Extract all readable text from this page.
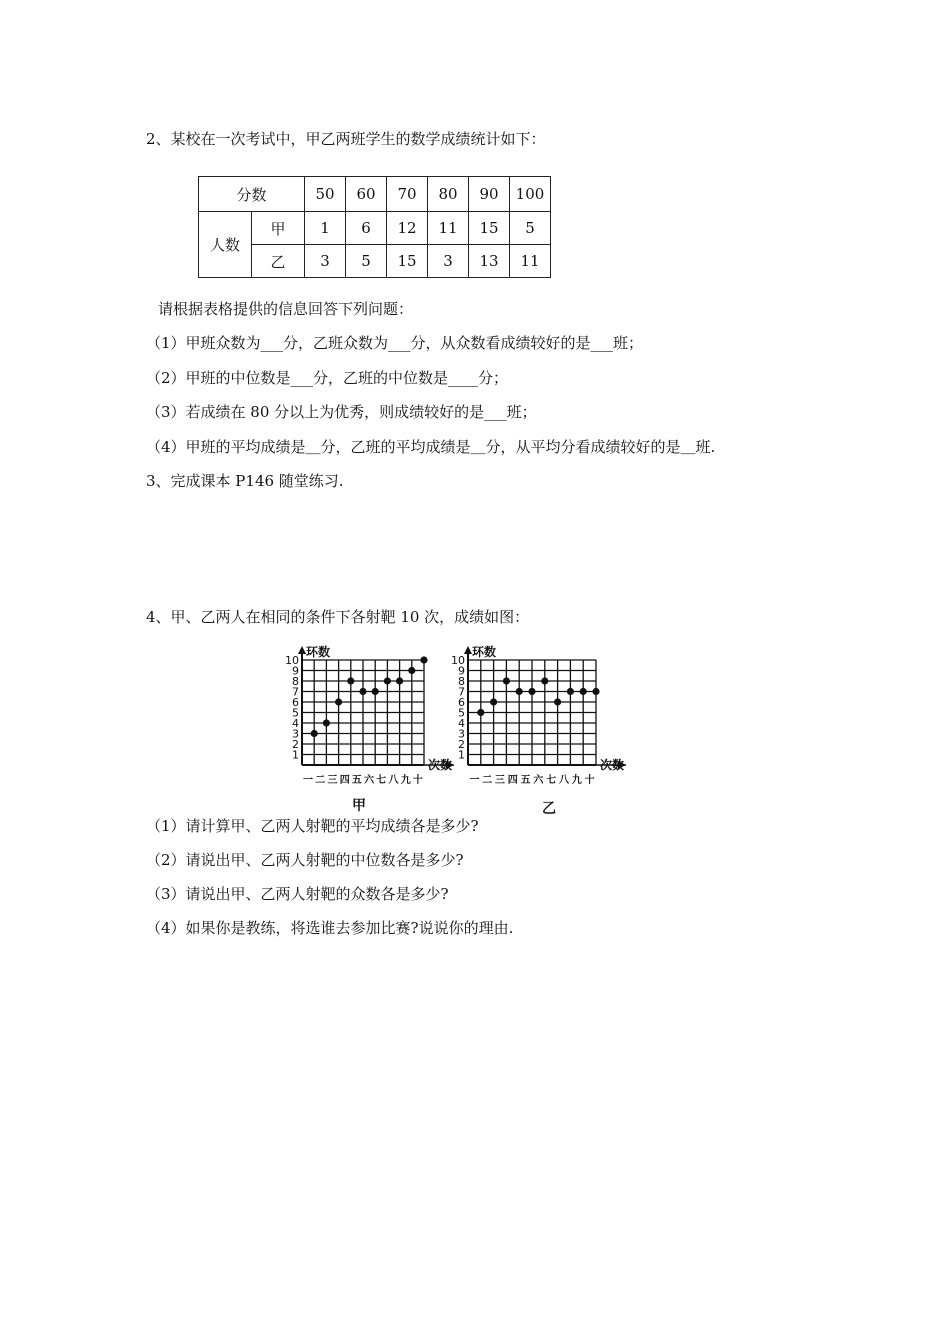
2、某校在一次考试中，甲乙两班学生的数学成绩统计如下：
分数		50	60	70	80	90	100
人数	甲	1	6	12	11	15	5
	乙	3	5	15	3	13	11
请根据表格提供的信息回答下列问题：
（1）甲班众数为___分，乙班众数为___分，从众数看成绩较好的是___班；
（2）甲班的中位数是___分，乙班的中位数是____分；
（3）若成绩在 80 分以上为优秀，则成绩较好的是___班；
（4）甲班的平均成绩是＿分，乙班的平均成绩是＿分，从平均分看成绩较好的是＿班.
3、完成课本 P146 随堂练习.
4、甲、乙两人在相同的条件下各射靶 10 次，成绩如图：
环数
次数
1
2
3
4
5
6
7
8
9
10
一 二 三 四 五 六 七 八 九 十
甲
环数
次数
1
2
3
4
5
6
7
8
9
10
一 二 三 四 五 六 七 八 九 十
乙
（1）请计算甲、乙两人射靶的平均成绩各是多少?
（2）请说出甲、乙两人射靶的中位数各是多少?
（3）请说出甲、乙两人射靶的众数各是多少?
（4）如果你是教练，将选谁去参加比赛?说说你的理由.
